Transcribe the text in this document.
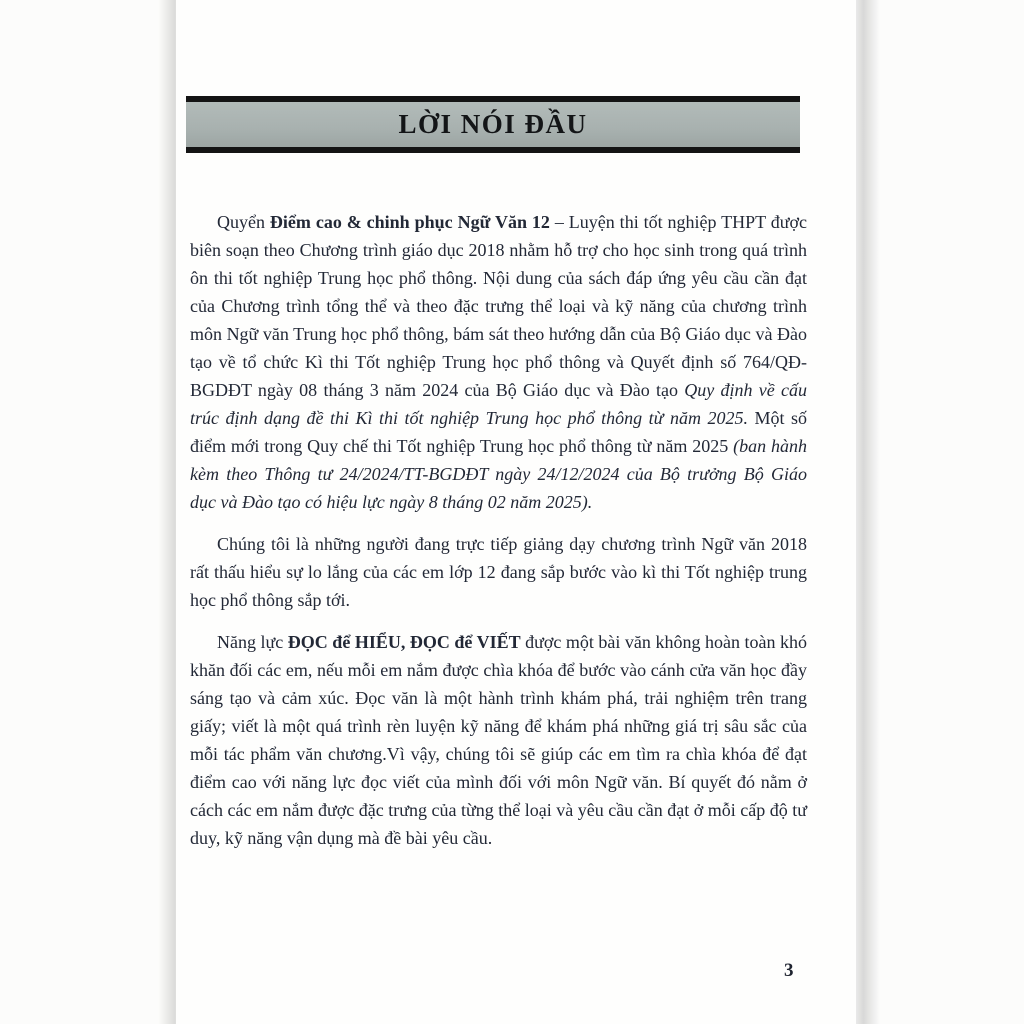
LỜI NÓI ĐẦU

Quyển Điểm cao & chinh phục Ngữ Văn 12 – Luyện thi tốt nghiệp THPT được biên soạn theo Chương trình giáo dục 2018 nhằm hỗ trợ cho học sinh trong quá trình ôn thi tốt nghiệp Trung học phổ thông. Nội dung của sách đáp ứng yêu cầu cần đạt của Chương trình tổng thể và theo đặc trưng thể loại và kỹ năng của chương trình môn Ngữ văn Trung học phổ thông, bám sát theo hướng dẫn của Bộ Giáo dục và Đào tạo về tổ chức Kì thi Tốt nghiệp Trung học phổ thông và Quyết định số 764/QĐ-BGDĐT ngày 08 tháng 3 năm 2024 của Bộ Giáo dục và Đào tạo Quy định về cấu trúc định dạng đề thi Kì thi tốt nghiệp Trung học phổ thông từ năm 2025. Một số điểm mới trong Quy chế thi Tốt nghiệp Trung học phổ thông từ năm 2025 (ban hành kèm theo Thông tư 24/2024/TT-BGDĐT ngày 24/12/2024 của Bộ trưởng Bộ Giáo dục và Đào tạo có hiệu lực ngày 8 tháng 02 năm 2025).

Chúng tôi là những người đang trực tiếp giảng dạy chương trình Ngữ văn 2018 rất thấu hiểu sự lo lắng của các em lớp 12 đang sắp bước vào kì thi Tốt nghiệp trung học phổ thông sắp tới.

Năng lực ĐỌC để HIỂU, ĐỌC để VIẾT được một bài văn không hoàn toàn khó khăn đối các em, nếu mỗi em nắm được chìa khóa để bước vào cánh cửa văn học đầy sáng tạo và cảm xúc. Đọc văn là một hành trình khám phá, trải nghiệm trên trang giấy; viết là một quá trình rèn luyện kỹ năng để khám phá những giá trị sâu sắc của mỗi tác phẩm văn chương.Vì vậy, chúng tôi sẽ giúp các em tìm ra chìa khóa để đạt điểm cao với năng lực đọc viết của mình đối với môn Ngữ văn. Bí quyết đó nằm ở cách các em nắm được đặc trưng của từng thể loại và yêu cầu cần đạt ở mỗi cấp độ tư duy, kỹ năng vận dụng mà đề bài yêu cầu.

3
